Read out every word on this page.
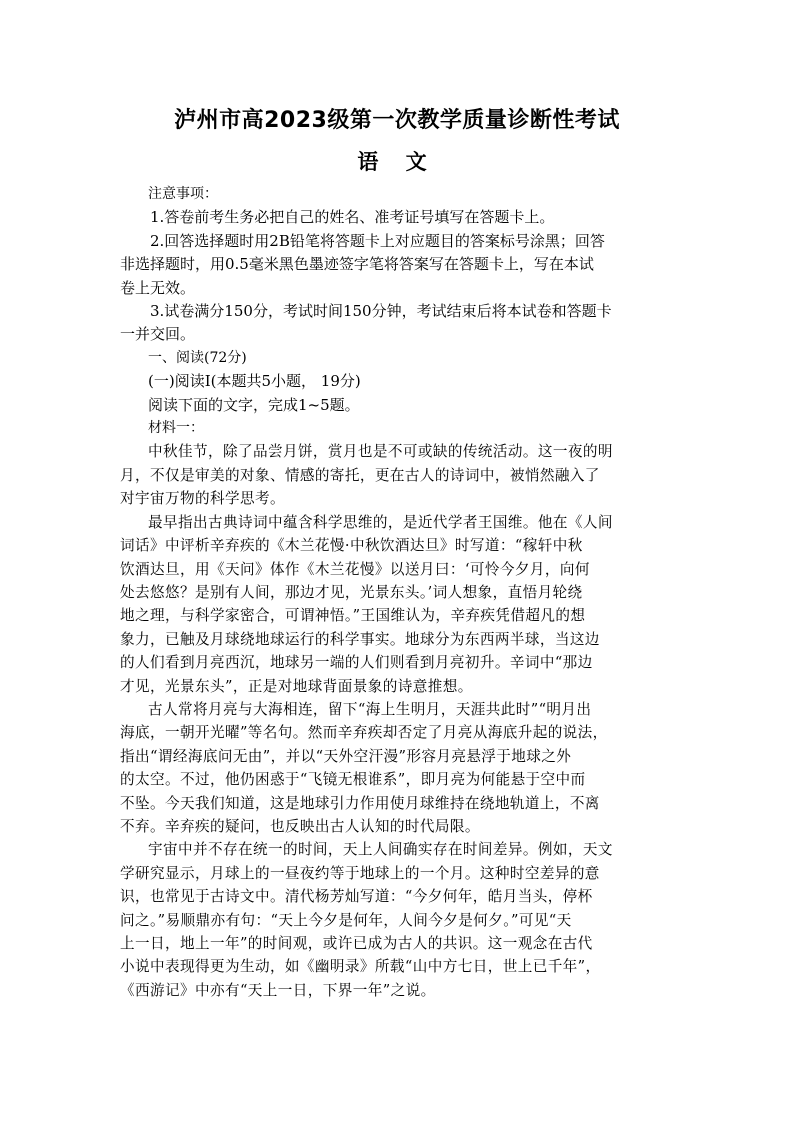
泸州市高2023级第一次教学质量诊断性考试
语 文

注意事项：

1.答卷前考生务必把自己的姓名、准考证号填写在答题卡上。

2.回答选择题时用2B铅笔将答题卡上对应题目的答案标号涂黑；回答

非选择题时，用0.5毫米黑色墨迹签字笔将答案写在答题卡上，写在本试

卷上无效。

3.试卷满分150分，考试时间150分钟，考试结束后将本试卷和答题卡

一并交回。

一、阅读(72分)

(一)阅读Ⅰ(本题共5小题， 19分)

阅读下面的文字，完成1~5题。

材料一：

中秋佳节，除了品尝月饼，赏月也是不可或缺的传统活动。这一夜的明

月，不仅是审美的对象、情感的寄托，更在古人的诗词中，被悄然融入了

对宇宙万物的科学思考。

最早指出古典诗词中蕴含科学思维的，是近代学者王国维。他在《人间

词话》中评析辛弃疾的《木兰花慢·中秋饮酒达旦》时写道：“稼轩中秋

饮酒达旦，用《天问》体作《木兰花慢》以送月曰：‘可怜今夕月，向何

处去悠悠？是别有人间，那边才见，光景东头。’词人想象，直悟月轮绕

地之理，与科学家密合，可谓神悟。”王国维认为，辛弃疾凭借超凡的想

象力，已触及月球绕地球运行的科学事实。地球分为东西两半球，当这边

的人们看到月亮西沉，地球另一端的人们则看到月亮初升。辛词中“那边

才见，光景东头”，正是对地球背面景象的诗意推想。

古人常将月亮与大海相连，留下“海上生明月，天涯共此时”“明月出

海底，一朝开光曜”等名句。然而辛弃疾却否定了月亮从海底升起的说法，

指出“谓经海底问无由”，并以“天外空汗漫”形容月亮悬浮于地球之外

的太空。不过，他仍困惑于“飞镜无根谁系”，即月亮为何能悬于空中而

不坠。今天我们知道，这是地球引力作用使月球维持在绕地轨道上，不离

不弃。辛弃疾的疑问，也反映出古人认知的时代局限。

宇宙中并不存在统一的时间，天上人间确实存在时间差异。例如，天文

学研究显示，月球上的一昼夜约等于地球上的一个月。这种时空差异的意

识，也常见于古诗文中。清代杨芳灿写道：“今夕何年，皓月当头，停杯

问之。”易顺鼎亦有句：“天上今夕是何年，人间今夕是何夕。”可见“天

上一日，地上一年”的时间观，或许已成为古人的共识。这一观念在古代

小说中表现得更为生动，如《幽明录》所载“山中方七日，世上已千年”，

《西游记》中亦有“天上一日，下界一年”之说。
